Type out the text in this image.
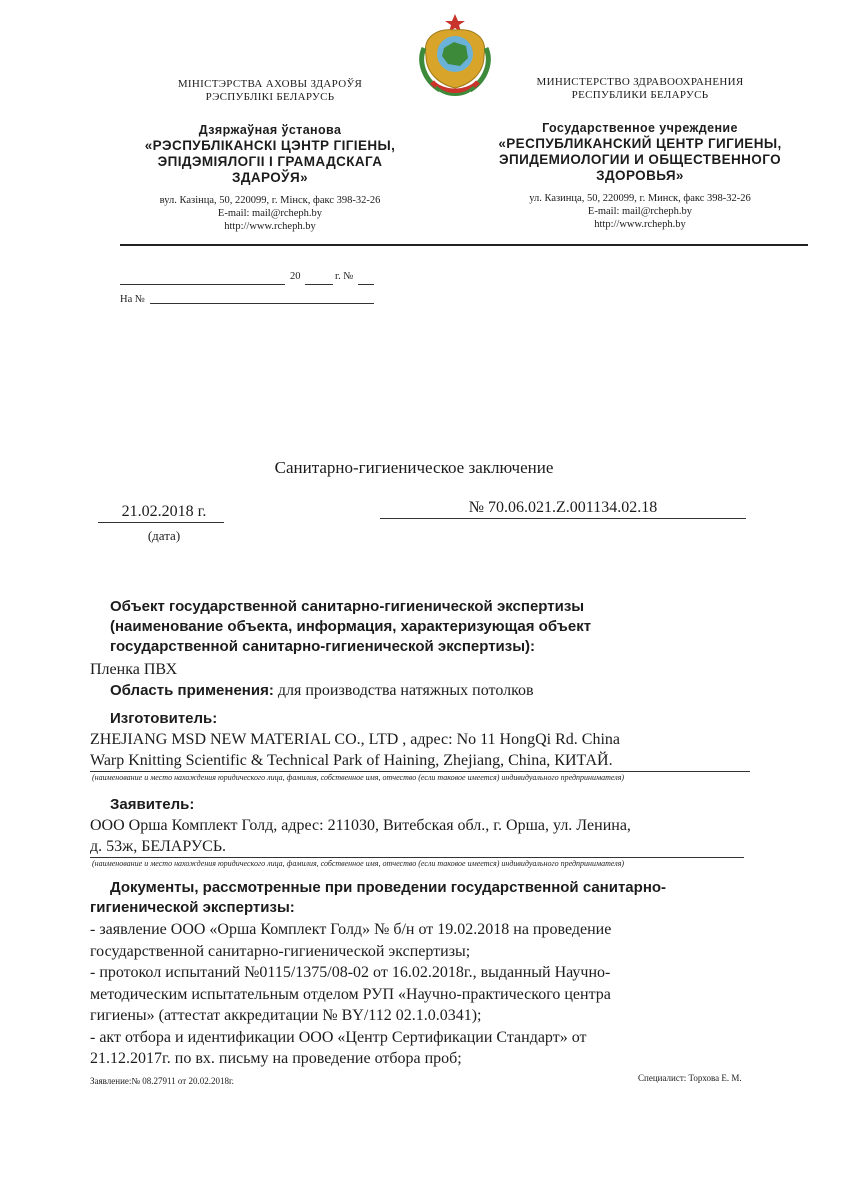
МІНІСТЭРСТВА АХОВЫ ЗДАРОЎЯ
РЭСПУБЛІКІ БЕЛАРУСЬ
Дзяржаўная ўстанова
«РЭСПУБЛІКАНСКІ ЦЭНТР ГІГІЕНЫ,
ЭПІДЭМІЯЛОГІІ І ГРАМАДСКАГА
ЗДАРОЎЯ»
вул. Казінца, 50, 220099, г. Мінск, факс 398-32-26
E-mail: mail@rcheph.by
http://www.rcheph.by
МИНИСТЕРСТВО ЗДРАВООХРАНЕНИЯ
РЕСПУБЛИКИ БЕЛАРУСЬ
Государственное учреждение
«РЕСПУБЛИКАНСКИЙ ЦЕНТР ГИГИЕНЫ,
ЭПИДЕМИОЛОГИИ И ОБЩЕСТВЕННОГО
ЗДОРОВЬЯ»
ул. Казинца, 50, 220099, г. Минск, факс 398-32-26
E-mail: mail@rcheph.by
http://www.rcheph.by
20	г. №
На №
Санитарно-гигиеническое заключение
21.02.2018 г.
(дата)
№ 70.06.021.Z.001134.02.18
Объект государственной санитарно-гигиенической экспертизы
(наименование объекта, информация, характеризующая объект
государственной санитарно-гигиенической экспертизы):
Пленка ПВХ
Область применения: для производства натяжных потолков
Изготовитель:
ZHEJIANG MSD NEW MATERIAL CO., LTD , адрес: No 11 HongQi Rd. China
Warp Knitting Scientific & Technical Park of Haining, Zhejiang, China, КИТАЙ.
(наименование и место нахождения юридического лица, фамилия, собственное имя, отчество (если таковое имеется) индивидуального предпринимателя)
Заявитель:
ООО Орша Комплект Голд, адрес: 211030, Витебская обл., г. Орша, ул. Ленина,
д. 53ж, БЕЛАРУСЬ.
(наименование и место нахождения юридического лица, фамилия, собственное имя, отчество (если таковое имеется) индивидуального предпринимателя)
Документы, рассмотренные при проведении государственной санитарно-
гигиенической экспертизы:
- заявление ООО «Орша Комплект Голд» № б/н от 19.02.2018 на проведение
государственной санитарно-гигиенической экспертизы;
- протокол испытаний №0115/1375/08-02 от 16.02.2018г., выданный Научно-
методическим испытательным отделом РУП «Научно-практического центра
гигиены» (аттестат аккредитации № BY/112 02.1.0.0341);
- акт отбора и идентификации ООО «Центр Сертификации Стандарт» от
21.12.2017г. по вх. письму на проведение отбора проб;
Заявление:№ 08.27911 от 20.02.2018г.	Специалист: Торхова Е. М.
